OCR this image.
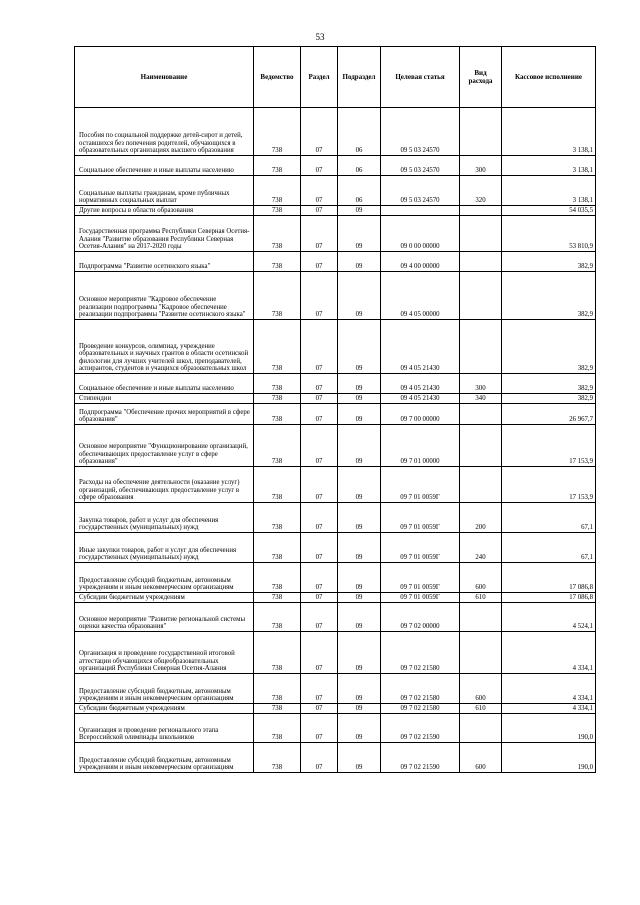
53
Наименование	Ведомство	Раздел	Подраздел	Целевая статья	Вид расхода	Кассовое исполнение
Пособия по социальной поддержке детей-сирот и детей, оставшихся без попечения родителей, обучающихся в образовательных организациях высшего образования	738	07	06	09 5 03 24570		3 138,1
Социальное обеспечение и иные выплаты населению	738	07	06	09 5 03 24570	300	3 138,1
Социальные выплаты гражданам, кроме публичных нормативных социальных выплат	738	07	06	09 5 03 24570	320	3 138,1
Другие вопросы в области образования	738	07	09			54 035,5
Государственная программа Республики Северная Осетия-Алания "Развитие образования Республики Северная Осетия-Алания" на 2017-2020 годы	738	07	09	09 0 00 00000		53 810,9
Подпрограмма "Развитие осетинского языка"	738	07	09	09 4 00 00000		382,9
Основное мероприятие "Кадровое обеспечение реализации подпрограммы "Кадровое обеспечение реализации подпрограммы "Развитие осетинского языка"	738	07	09	09 4 05 00000		382,9
Проведение конкурсов, олимпиад, учреждение образовательных и научных грантов в области осетинской филологии для лучших учителей школ, преподавателей, аспирантов, студентов и учащихся образовательных школ	738	07	09	09 4 05 21430		382,9
Социальное обеспечение и иные выплаты населению	738	07	09	09 4 05 21430	300	382,9
Стипендии	738	07	09	09 4 05 21430	340	382,9
Подпрограмма "Обеспечение прочих мероприятий в сфере образования"	738	07	09	09 7 00 00000		26 967,7
Основное мероприятие "Функционирование организаций, обеспечивающих предоставление услуг в сфере образования"	738	07	09	09 7 01 00000		17 153,9
Расходы на обеспечение деятельности (оказание услуг) организаций, обеспечивающих предоставление услуг в сфере образования	738	07	09	09 7 01 0059Г		17 153,9
Закупка товаров, работ и услуг для обеспечения государственных (муниципальных) нужд	738	07	09	09 7 01 0059Г	200	67,1
Иные закупки товаров, работ и услуг для обеспечения государственных (муниципальных) нужд	738	07	09	09 7 01 0059Г	240	67,1
Предоставление субсидий бюджетным, автономным учреждениям и иным некоммерческим организациям	738	07	09	09 7 01 0059Г	600	17 086,8
Субсидии бюджетным учреждениям	738	07	09	09 7 01 0059Г	610	17 086,8
Основное мероприятие "Развитие региональной системы оценки качества образования"	738	07	09	09 7 02 00000		4 524,1
Организация и проведение государственной итоговой аттестации обучающихся общеобразовательных организаций Республики Северная Осетия-Алания	738	07	09	09 7 02 21580		4 334,1
Предоставление субсидий бюджетным, автономным учреждениям и иным некоммерческим организациям	738	07	09	09 7 02 21580	600	4 334,1
Субсидии бюджетным учреждениям	738	07	09	09 7 02 21580	610	4 334,1
Организация и проведение регионального этапа Всероссийской олимпиады школьников	738	07	09	09 7 02 21590		190,0
Предоставление субсидий бюджетным, автономным учреждениям и иным некоммерческим организациям	738	07	09	09 7 02 21590	600	190,0
